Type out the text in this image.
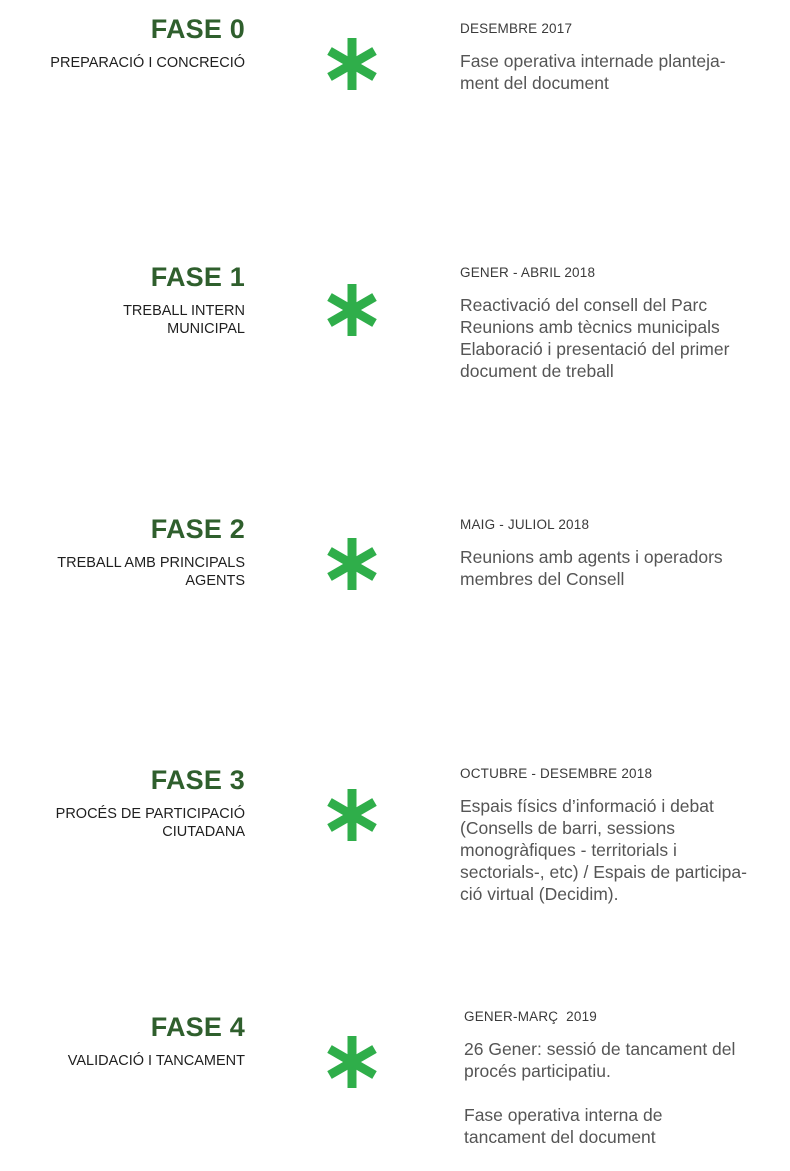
FASE 0
PREPARACIÓ I CONCRECIÓ
DESEMBRE 2017
Fase operativa internade planteja-
ment del document
FASE 1
TREBALL INTERN
MUNICIPAL
GENER - ABRIL 2018
Reactivació del consell del Parc
Reunions amb tècnics municipals
Elaboració i presentació del primer
document de treball
FASE 2
TREBALL AMB PRINCIPALS
AGENTS
MAIG - JULIOL 2018
Reunions amb agents i operadors
membres del Consell
FASE 3
PROCÉS DE PARTICIPACIÓ
CIUTADANA
OCTUBRE - DESEMBRE 2018
Espais físics d’informació i debat
(Consells de barri, sessions
monogràfiques - territorials i
sectorials-, etc) / Espais de participa-
ció virtual (Decidim).
FASE 4
VALIDACIÓ I TANCAMENT
GENER-MARÇ  2019
26 Gener: sessió de tancament del
procés participatiu.
Fase operativa interna de
tancament del document
